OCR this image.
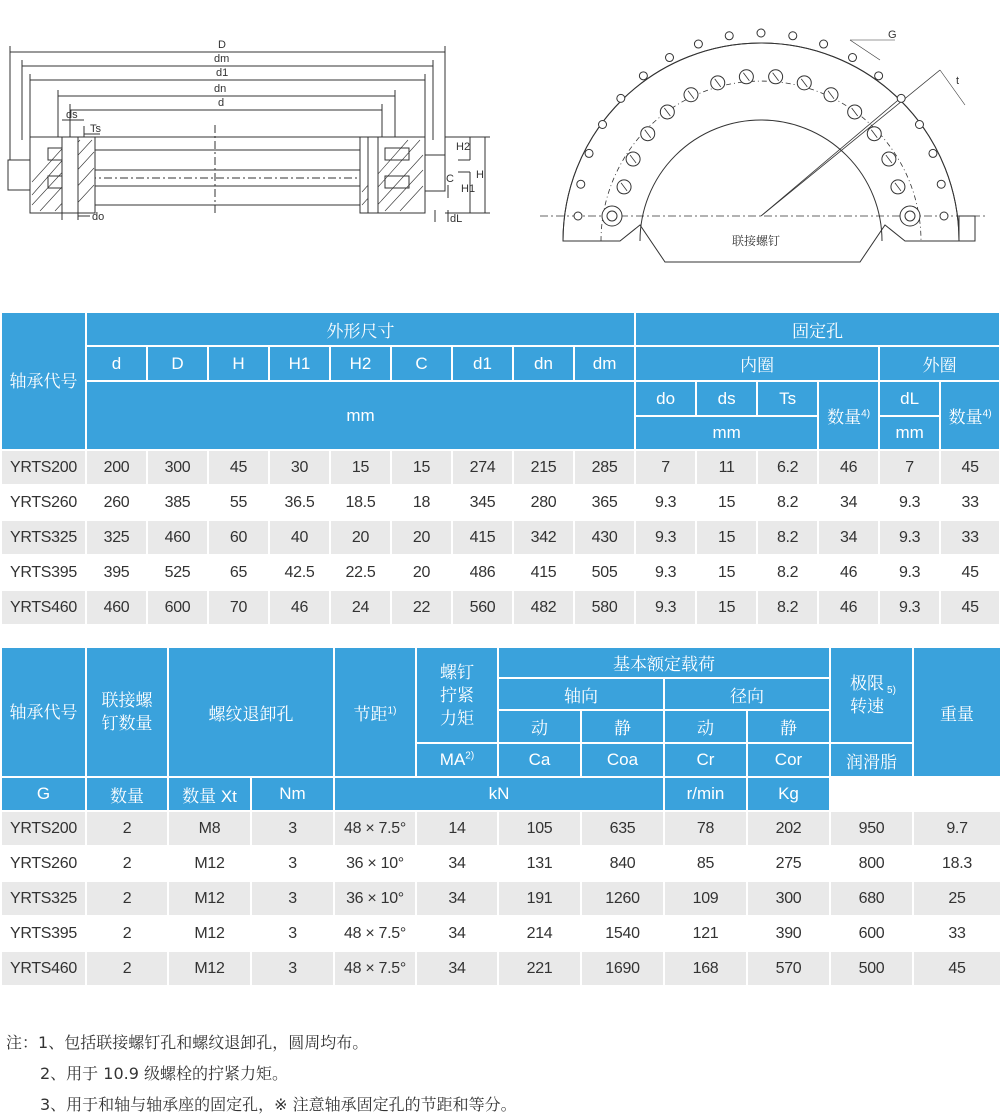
D
dm
d1
dn
d
ds
Ts
H2
C H
H1
do	dL
G
t
联接螺钉
轴承代号	外形尺寸									固定孔					
	d	D	H	H1	H2	C	d1	dn	dm	内圈				外圈	
	mm									do	ds	Ts	数量$^{4)}$	dL	数量$^{4)}$
										mm				mm	
YRTS200	200	300	45	30	15	15	274	215	285	7	11	6.2	46	7	45
YRTS260	260	385	55	36.5	18.5	18	345	280	365	9.3	15	8.2	34	9.3	33
YRTS325	325	460	60	40	20	20	415	342	430	9.3	15	8.2	34	9.3	33
YRTS395	395	525	65	42.5	22.5	20	486	415	505	9.3	15	8.2	46	9.3	45
YRTS460	460	600	70	46	24	22	560	482	580	9.3	15	8.2	46	9.3	45
轴承代号	联接螺钉数量	螺纹退卸孔		节距$^{1)}$	螺钉拧紧力矩	基本额定载荷				极限转速$^{5)}$	重量
						轴向		径向			
						动	静	动	静		
					MA$^{2)}$	Ca	Coa	Cr	Cor	润滑脂	
G	数量	数量 Xt	Nm	kN				r/min	Kg		
YRTS200	2	M8	3	48 × 7.5°	14	105	635	78	202	950	9.7
YRTS260	2	M12	3	36 × 10°	34	131	840	85	275	800	18.3
YRTS325	2	M12	3	36 × 10°	34	191	1260	109	300	680	25
YRTS395	2	M12	3	48 × 7.5°	34	214	1540	121	390	600	33
YRTS460	2	M12	3	48 × 7.5°	34	221	1690	168	570	500	45
注：1、包括联接螺钉孔和螺纹退卸孔，圆周均布。
2、用于 10.9 级螺栓的拧紧力矩。
3、用于和轴与轴承座的固定孔，※ 注意轴承固定孔的节距和等分。
